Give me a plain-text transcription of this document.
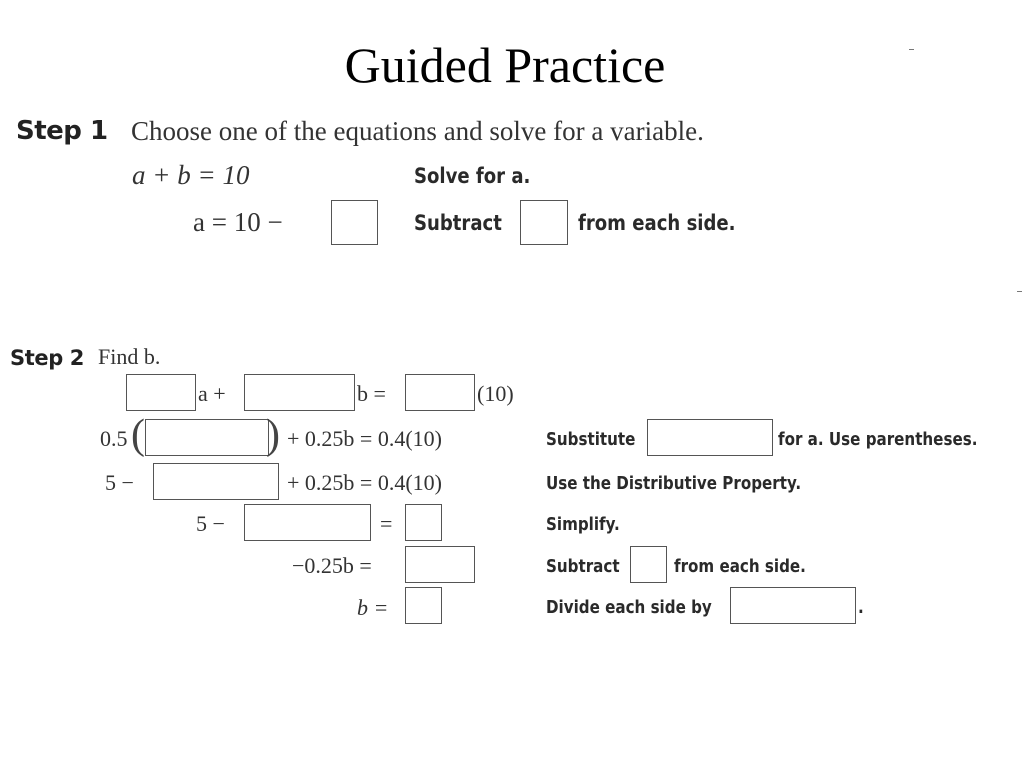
Guided Practice
Step 1 Choose one of the equations and solve for a variable.
a + b = 10	Solve for a.
a = 10 −	Subtract	from each side.
Step 2 Find b.
a +	b =	(10)
0.5 (	) + 0.25b = 0.4(10)	Substitute	for a. Use parentheses.
5 −	+ 0.25b = 0.4(10)	Use the Distributive Property.
5 −	=	Simplify.
−0.25b =	Subtract	from each side.
b =	Divide each side by	.
